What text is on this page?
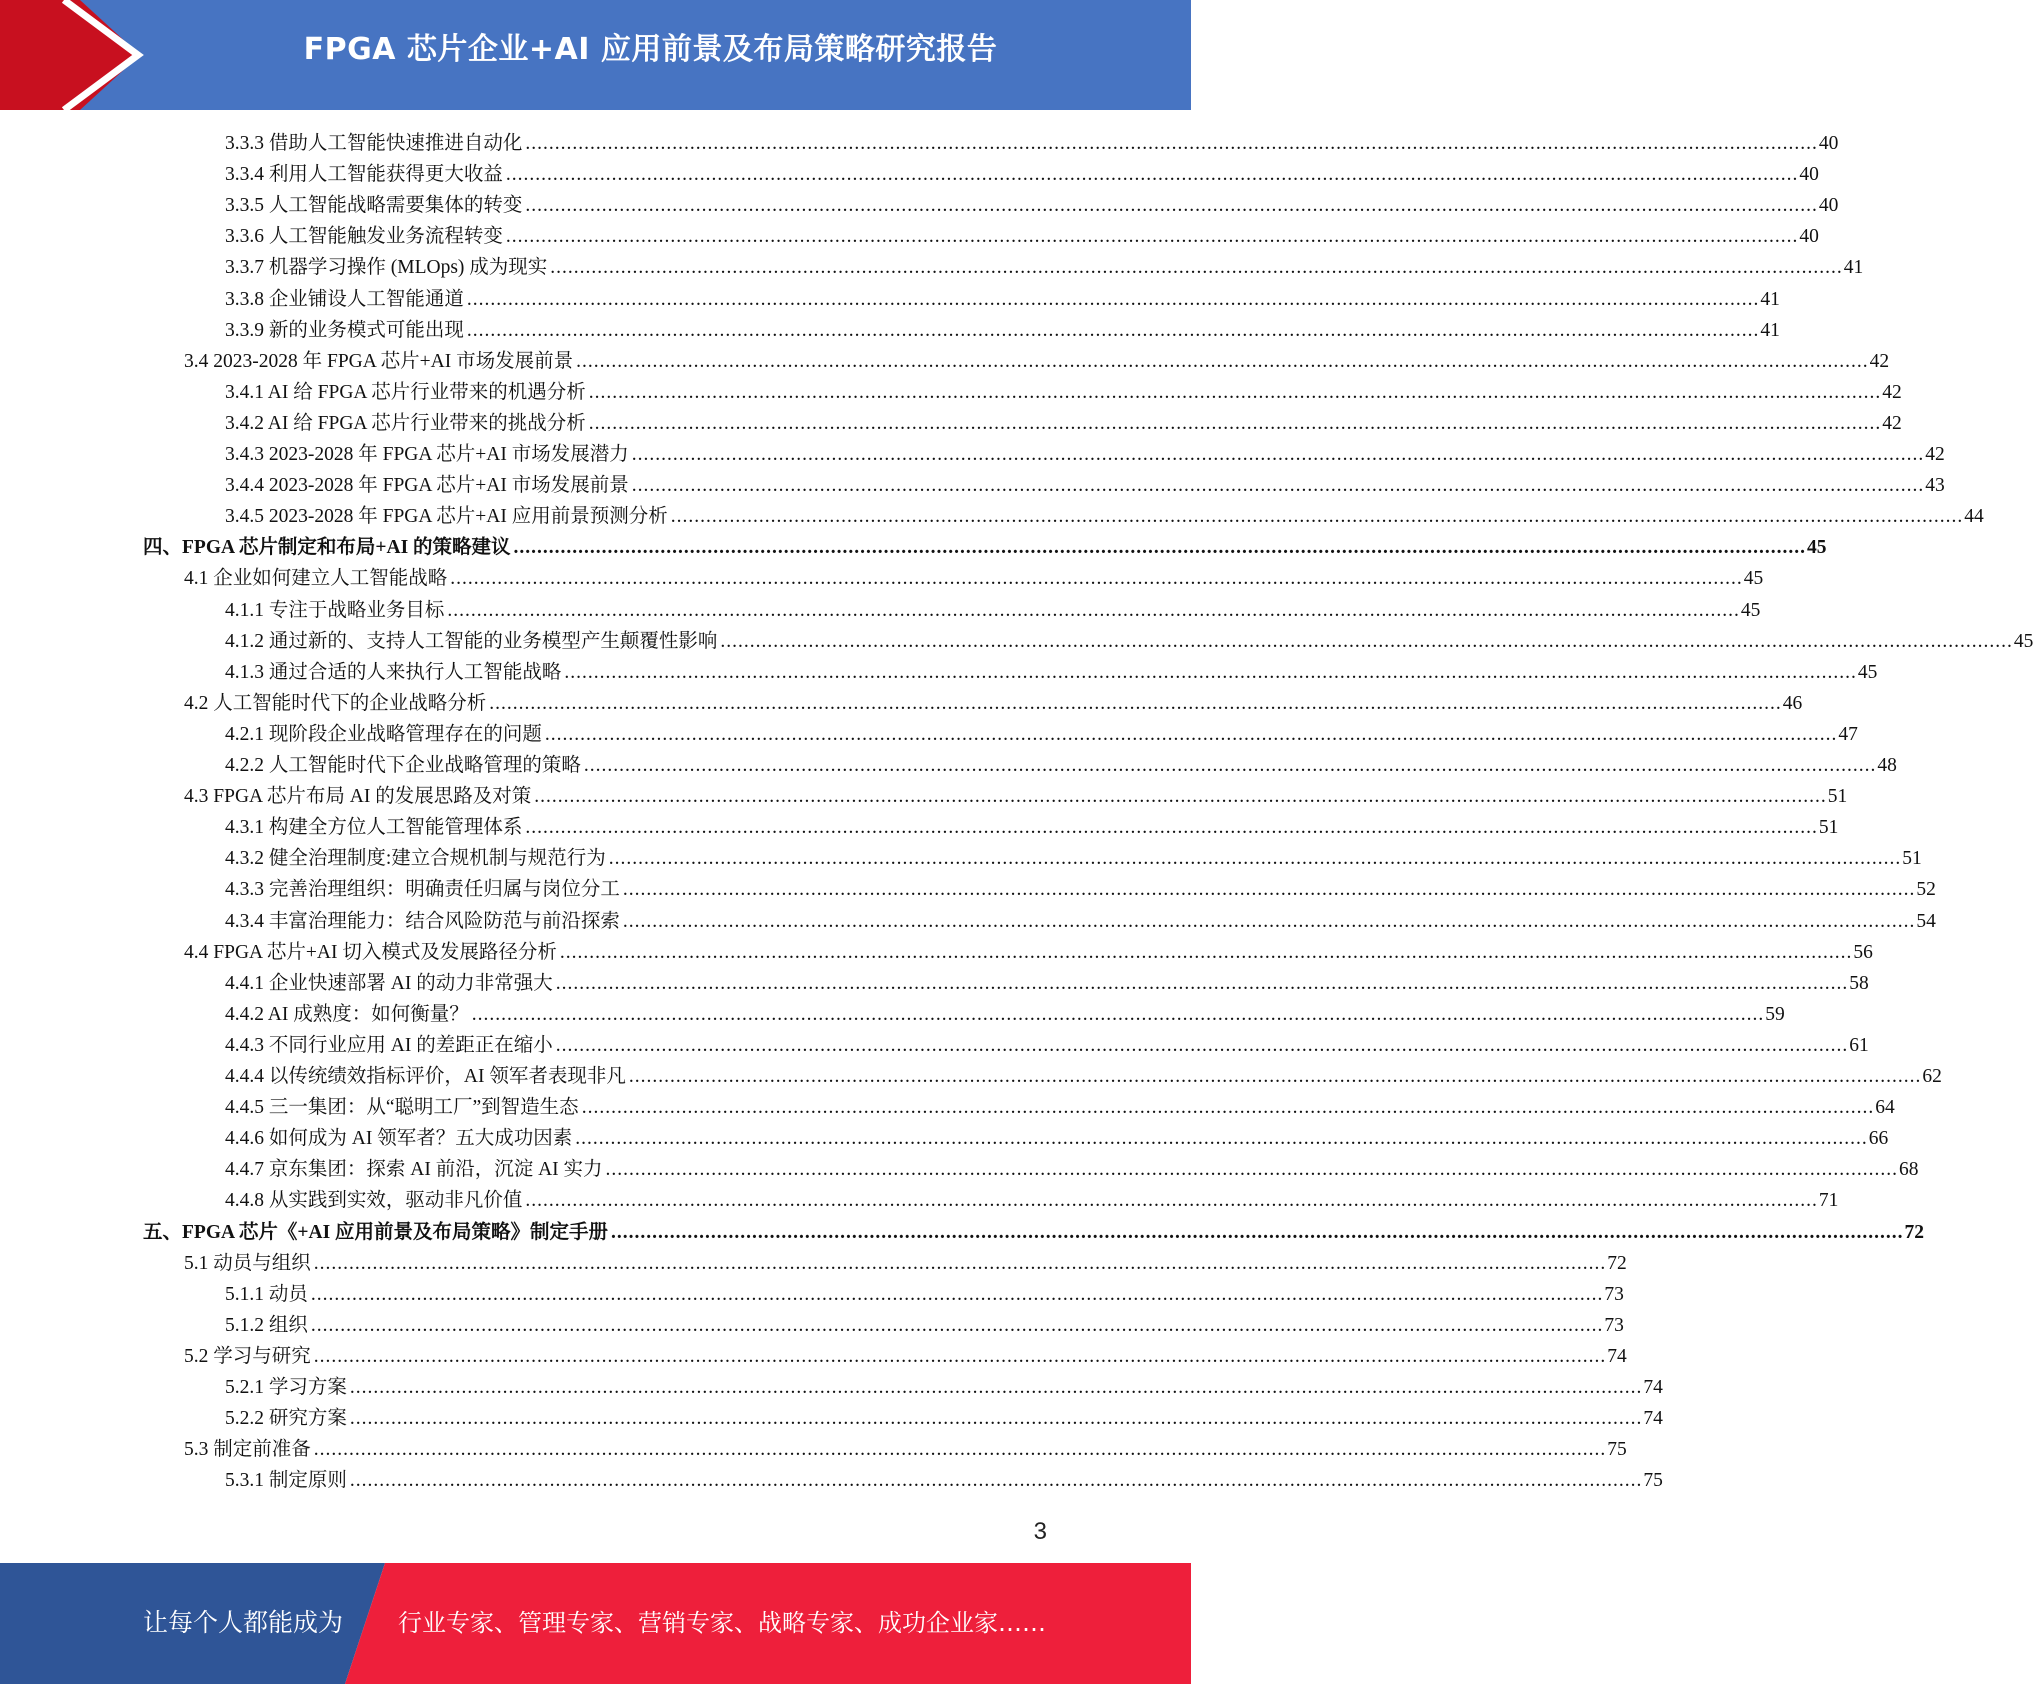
FPGA 芯片企业+AI 应用前景及布局策略研究报告
3.3.3 借助人工智能快速推进自动化 ............................................................................................................................................................................................................................ 40
3.3.4 利用人工智能获得更大收益 ............................................................................................................................................................................................................................ 40
3.3.5 人工智能战略需要集体的转变 ............................................................................................................................................................................................................................ 40
3.3.6 人工智能触发业务流程转变 ............................................................................................................................................................................................................................ 40
3.3.7 机器学习操作 (MLOps) 成为现实 ............................................................................................................................................................................................................................ 41
3.3.8 企业铺设人工智能通道 ............................................................................................................................................................................................................................ 41
3.3.9 新的业务模式可能出现 ............................................................................................................................................................................................................................ 41
3.4 2023-2028 年 FPGA 芯片+AI 市场发展前景 ............................................................................................................................................................................................................................ 42
3.4.1 AI 给 FPGA 芯片行业带来的机遇分析 ............................................................................................................................................................................................................................ 42
3.4.2 AI 给 FPGA 芯片行业带来的挑战分析 ............................................................................................................................................................................................................................ 42
3.4.3 2023-2028 年 FPGA 芯片+AI 市场发展潜力 ............................................................................................................................................................................................................................ 42
3.4.4 2023-2028 年 FPGA 芯片+AI 市场发展前景 ............................................................................................................................................................................................................................ 43
3.4.5 2023-2028 年 FPGA 芯片+AI 应用前景预测分析 ............................................................................................................................................................................................................................ 44
四、FPGA 芯片制定和布局+AI 的策略建议 ............................................................................................................................................................................................................................ 45
4.1 企业如何建立人工智能战略 ............................................................................................................................................................................................................................ 45
4.1.1 专注于战略业务目标 ............................................................................................................................................................................................................................ 45
4.1.2 通过新的、支持人工智能的业务模型产生颠覆性影响 ............................................................................................................................................................................................................................ 45
4.1.3 通过合适的人来执行人工智能战略 ............................................................................................................................................................................................................................ 45
4.2 人工智能时代下的企业战略分析 ............................................................................................................................................................................................................................ 46
4.2.1 现阶段企业战略管理存在的问题 ............................................................................................................................................................................................................................ 47
4.2.2 人工智能时代下企业战略管理的策略 ............................................................................................................................................................................................................................ 48
4.3 FPGA 芯片布局 AI 的发展思路及对策 ............................................................................................................................................................................................................................ 51
4.3.1 构建全方位人工智能管理体系 ............................................................................................................................................................................................................................ 51
4.3.2 健全治理制度:建立合规机制与规范行为 ............................................................................................................................................................................................................................ 51
4.3.3 完善治理组织：明确责任归属与岗位分工 ............................................................................................................................................................................................................................ 52
4.3.4 丰富治理能力：结合风险防范与前沿探索 ............................................................................................................................................................................................................................ 54
4.4 FPGA 芯片+AI 切入模式及发展路径分析 ............................................................................................................................................................................................................................ 56
4.4.1 企业快速部署 AI 的动力非常强大 ............................................................................................................................................................................................................................ 58
4.4.2 AI 成熟度：如何衡量？ ............................................................................................................................................................................................................................ 59
4.4.3 不同行业应用 AI 的差距正在缩小 ............................................................................................................................................................................................................................ 61
4.4.4 以传统绩效指标评价，AI 领军者表现非凡 ............................................................................................................................................................................................................................ 62
4.4.5 三一集团：从“聪明工厂”到智造生态 ............................................................................................................................................................................................................................ 64
4.4.6 如何成为 AI 领军者？五大成功因素 ............................................................................................................................................................................................................................ 66
4.4.7 京东集团：探索 AI 前沿，沉淀 AI 实力 ............................................................................................................................................................................................................................ 68
4.4.8 从实践到实效，驱动非凡价值 ............................................................................................................................................................................................................................ 71
五、FPGA 芯片《+AI 应用前景及布局策略》制定手册 ............................................................................................................................................................................................................................ 72
5.1 动员与组织 ............................................................................................................................................................................................................................ 72
5.1.1 动员 ............................................................................................................................................................................................................................ 73
5.1.2 组织 ............................................................................................................................................................................................................................ 73
5.2 学习与研究 ............................................................................................................................................................................................................................ 74
5.2.1 学习方案 ............................................................................................................................................................................................................................ 74
5.2.2 研究方案 ............................................................................................................................................................................................................................ 74
5.3 制定前准备 ............................................................................................................................................................................................................................ 75
5.3.1 制定原则 ............................................................................................................................................................................................................................ 75
3
让每个人都能成为 行业专家、管理专家、营销专家、战略专家、成功企业家……
